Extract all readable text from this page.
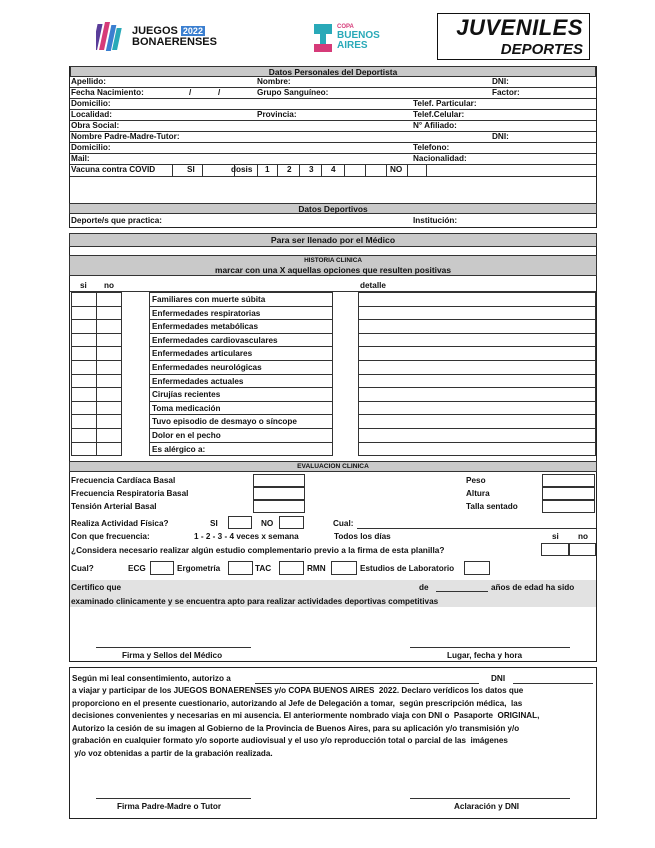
JUEGOS 2022
BONAERENSES
COPA
BUENOS
AIRES
JUVENILES
DEPORTES
Datos Personales del Deportista
Apellido:	Nombre:	DNI:
Fecha Nacimiento:	/	/	Grupo Sanguíneo:	Factor:
Domicilio:	Telef. Particular:
Localidad:	Provincia:	Telef.Celular:
Obra Social:	N° Afiliado:
Nombre Padre-Madre-Tutor:	DNI:
Domicilio:	Telefono:
Mail:	Nacionalidad:
Vacuna contra COVID	SI	dosis 1 2 3 4	NO
Datos Deportivos
Deporte/s que practica:	Institución:
Para ser llenado por el Médico
HISTORIA CLINICA
marcar con una X aquellas opciones que resulten positivas
si no	detalle
Familiares con muerte súbita
Enfermedades respiratorias
Enfermedades metabólicas
Enfermedades cardiovasculares
Enfermedades articulares
Enfermedades neurológicas
Enfermedades actuales
Cirujías recientes
Toma medicación
Tuvo episodio de desmayo o síncope
Dolor en el pecho
Es alérgico a:
EVALUACION CLINICA
Frecuencia Cardíaca Basal
Frecuencia Respiratoria Basal
Tensión Arterial Basal
Peso
Altura
Talla sentado
Realiza Actividad Física?	SI	NO	Cual:
Con que frecuencia:	1 - 2 - 3 - 4 veces x semana	Todos los días	si no
¿Considera necesario realizar algún estudio complementario previo a la firma de esta planilla?
Cual?	ECG	Ergometría	TAC	RMN	Estudios de Laboratorio
Certifico que	de	años de edad ha sido
examinado clinicamente y se encuentra apto para realizar actividades deportivas competitivas
Firma y Sellos del Médico	Lugar, fecha y hora
Según mi leal consentimiento, autorizo a	DNI
a viajar y participar de los JUEGOS BONAERENSES y/o COPA BUENOS AIRES  2022. Declaro verídicos los datos que
proporciono en el presente cuestionario, autorizando al Jefe de Delegación a tomar,  según prescripción médica,  las
decisiones convenientes y necesarias en mi ausencia. El anteriormente nombrado viaja con DNI o  Pasaporte  ORIGINAL,
Autorizo la cesión de su imagen al Gobierno de la Provincia de Buenos Aires, para su aplicación y/o transmisión y/o
grabación en cualquier formato y/o soporte audiovisual y el uso y/o reproducción total o parcial de las  imágenes
y/o voz obtenidas a partir de la grabación realizada.
Firma Padre-Madre o Tutor	Aclaración y DNI
